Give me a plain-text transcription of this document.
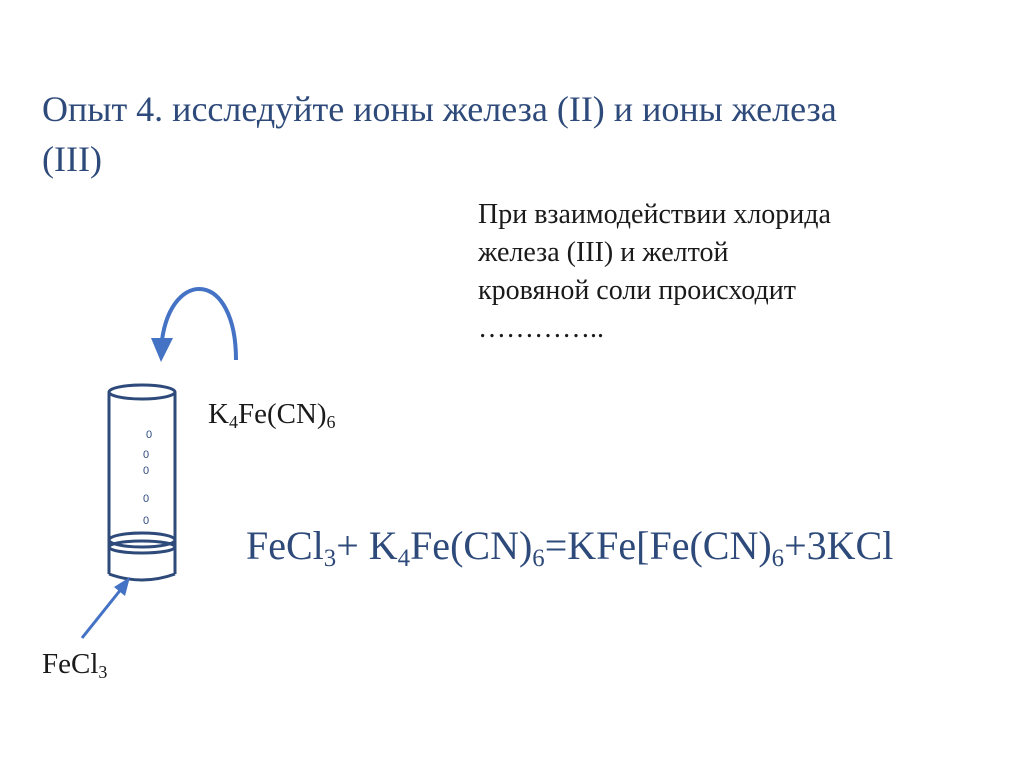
Опыт 4. исследуйте ионы железа (II) и ионы железа (III)
При взаимодействии хлорида железа (III) и желтой кровяной соли происходит …………..
0
0
0
0
0
$K_4Fe(CN)_6$
FeCl$_3$
FeCl$_3$+ $K_4Fe(CN)_6=KFe[Fe(CN)_6+3KCl$
